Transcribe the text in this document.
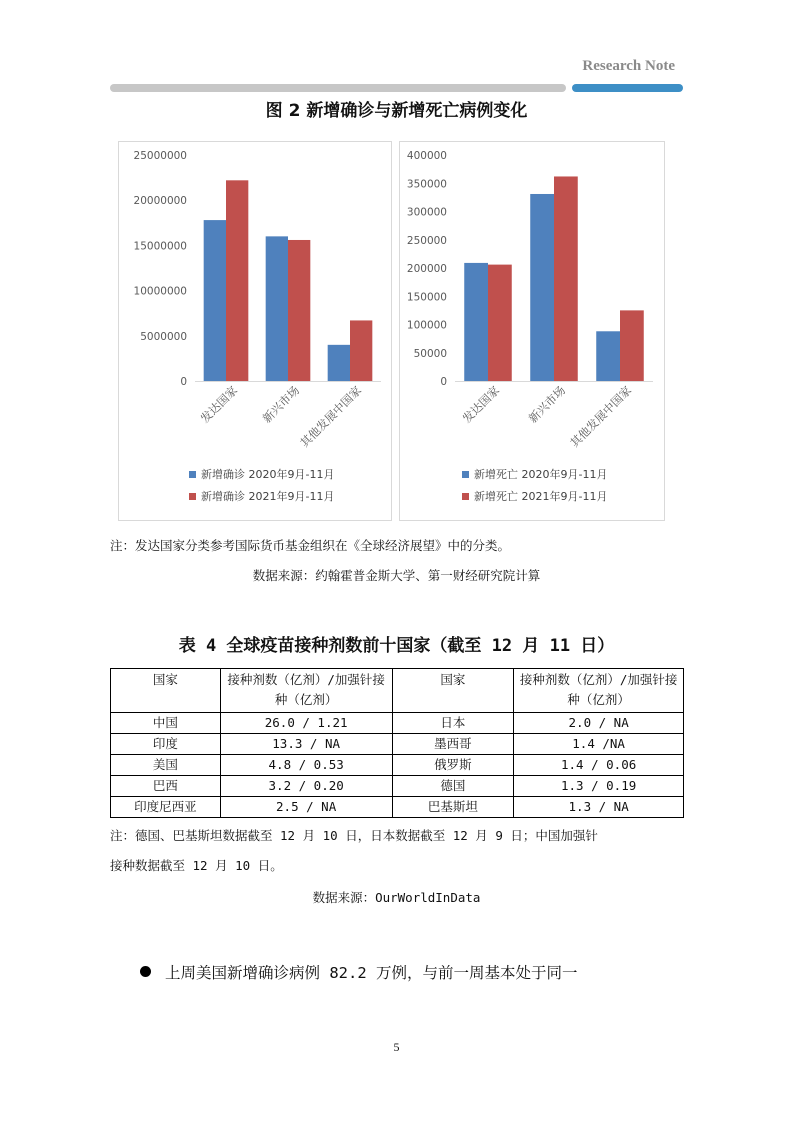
Research Note
图 2 新增确诊与新增死亡病例变化
0
5000000
10000000
15000000
20000000
25000000
发达国家 新兴市场
其他发展中国家
新增确诊 2020年9月-11月
新增确诊 2021年9月-11月
0
50000
100000
150000
200000
250000
300000
350000
400000
发达国家 新兴市场 其他发展中国家
新增死亡 2020年9月-11月
新增死亡 2021年9月-11月
注：发达国家分类参考国际货币基金组织在《全球经济展望》中的分类。
数据来源：约翰霍普金斯大学、第一财经研究院计算
表 4 全球疫苗接种剂数前十国家（截至 12 月 11 日）
国家	接种剂数（亿剂）/加强针接种（亿剂）	国家	接种剂数（亿剂）/加强针接种（亿剂）
中国	26.0 / 1.21	日本	2.0 / NA
印度	13.3 / NA	墨西哥	1.4 /NA
美国	4.8 / 0.53	俄罗斯	1.4 / 0.06
巴西	3.2 / 0.20	德国	1.3 / 0.19
印度尼西亚	2.5 / NA	巴基斯坦	1.3 / NA
注：德国、巴基斯坦数据截至 12 月 10 日，日本数据截至 12 月 9 日；中国加强针
接种数据截至 12 月 10 日。
数据来源：OurWorldInData
上周美国新增确诊病例 82.2 万例，与前一周基本处于同一
5
